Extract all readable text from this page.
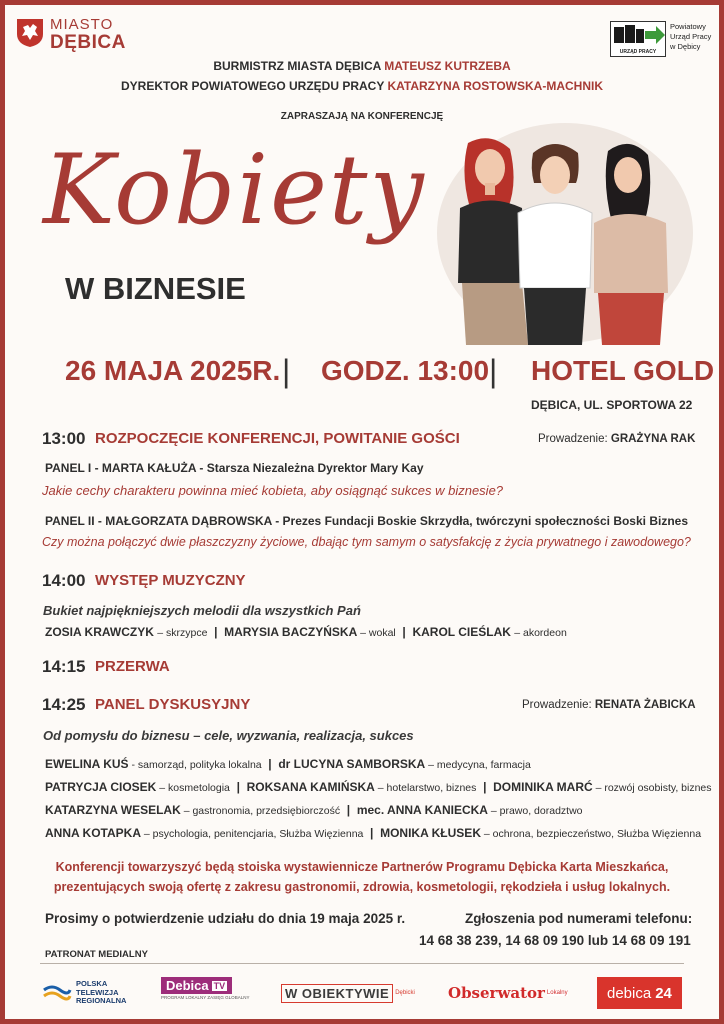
MIASTO
DĘBICA	URZĄD PRACY
Powiatowy
Urząd Pracy
w Dębicy
BURMISTRZ MIASTA DĘBICA MATEUSZ KUTRZEBA
DYREKTOR POWIATOWEGO URZĘDU PRACY KATARZYNA ROSTOWSKA-MACHNIK
ZAPRASZAJĄ NA KONFERENCJĘ
Kobiety
W BIZNESIE
26 MAJA 2025R. | GODZ. 13:00 | HOTEL GOLD
DĘBICA, UL. SPORTOWA 22
13:00 ROZPOCZĘCIE KONFERENCJI, POWITANIE GOŚCI	Prowadzenie: GRAŻYNA RAK
PANEL I - MARTA KAŁUŻA - Starsza Niezależna Dyrektor Mary Kay
Jakie cechy charakteru powinna mieć kobieta, aby osiągnąć sukces w biznesie?
PANEL II - MAŁGORZATA DĄBROWSKA - Prezes Fundacji Boskie Skrzydła, twórczyni społeczności Boski Biznes
Czy można połączyć dwie płaszczyzny życiowe, dbając tym samym o satysfakcję z życia prywatnego i zawodowego?
14:00 WYSTĘP MUZYCZNY
Bukiet najpiękniejszych melodii dla wszystkich Pań
ZOSIA KRAWCZYK – skrzypce  |  MARYSIA BACZYŃSKA – wokal  |  KAROL CIEŚLAK – akordeon
14:15 PRZERWA
14:25 PANEL DYSKUSYJNY	Prowadzenie: RENATA ŻABICKA
Od pomysłu do biznesu – cele, wyzwania, realizacja, sukces
EWELINA KUŚ - samorząd, polityka lokalna  |  dr LUCYNA SAMBORSKA – medycyna, farmacja
PATRYCJA CIOSEK – kosmetologia  |  ROKSANA KAMIŃSKA – hotelarstwo, biznes  |  DOMINIKA MARĆ – rozwój osobisty, biznes
KATARZYNA WESELAK – gastronomia, przedsiębiorczość  |  mec. ANNA KANIECKA – prawo, doradztwo
ANNA KOTAPKA – psychologia, penitencjaria, Służba Więzienna  |  MONIKA KŁUSEK – ochrona, bezpieczeństwo, Służba Więzienna
Konferencji towarzyszyć będą stoiska wystawiennicze Partnerów Programu Dębicka Karta Mieszkańca,
prezentujących swoją ofertę z zakresu gastronomii, zdrowia, kosmetologii, rękodzieła i usług lokalnych.
Prosimy o potwierdzenie udziału do dnia 19 maja 2025 r.	Zgłoszenia pod numerami telefonu:
14 68 38 239, 14 68 09 190 lub 14 68 09 191
PATRONAT MEDIALNY
POLSKA
TELEWIZJA
REGIONALNA
Debica TV
PROGRAM LOKALNY ZASIĘG GLOBALNY	W OBIEKTYWIE	Dębicki Obserwator Lokalny	debica 24
